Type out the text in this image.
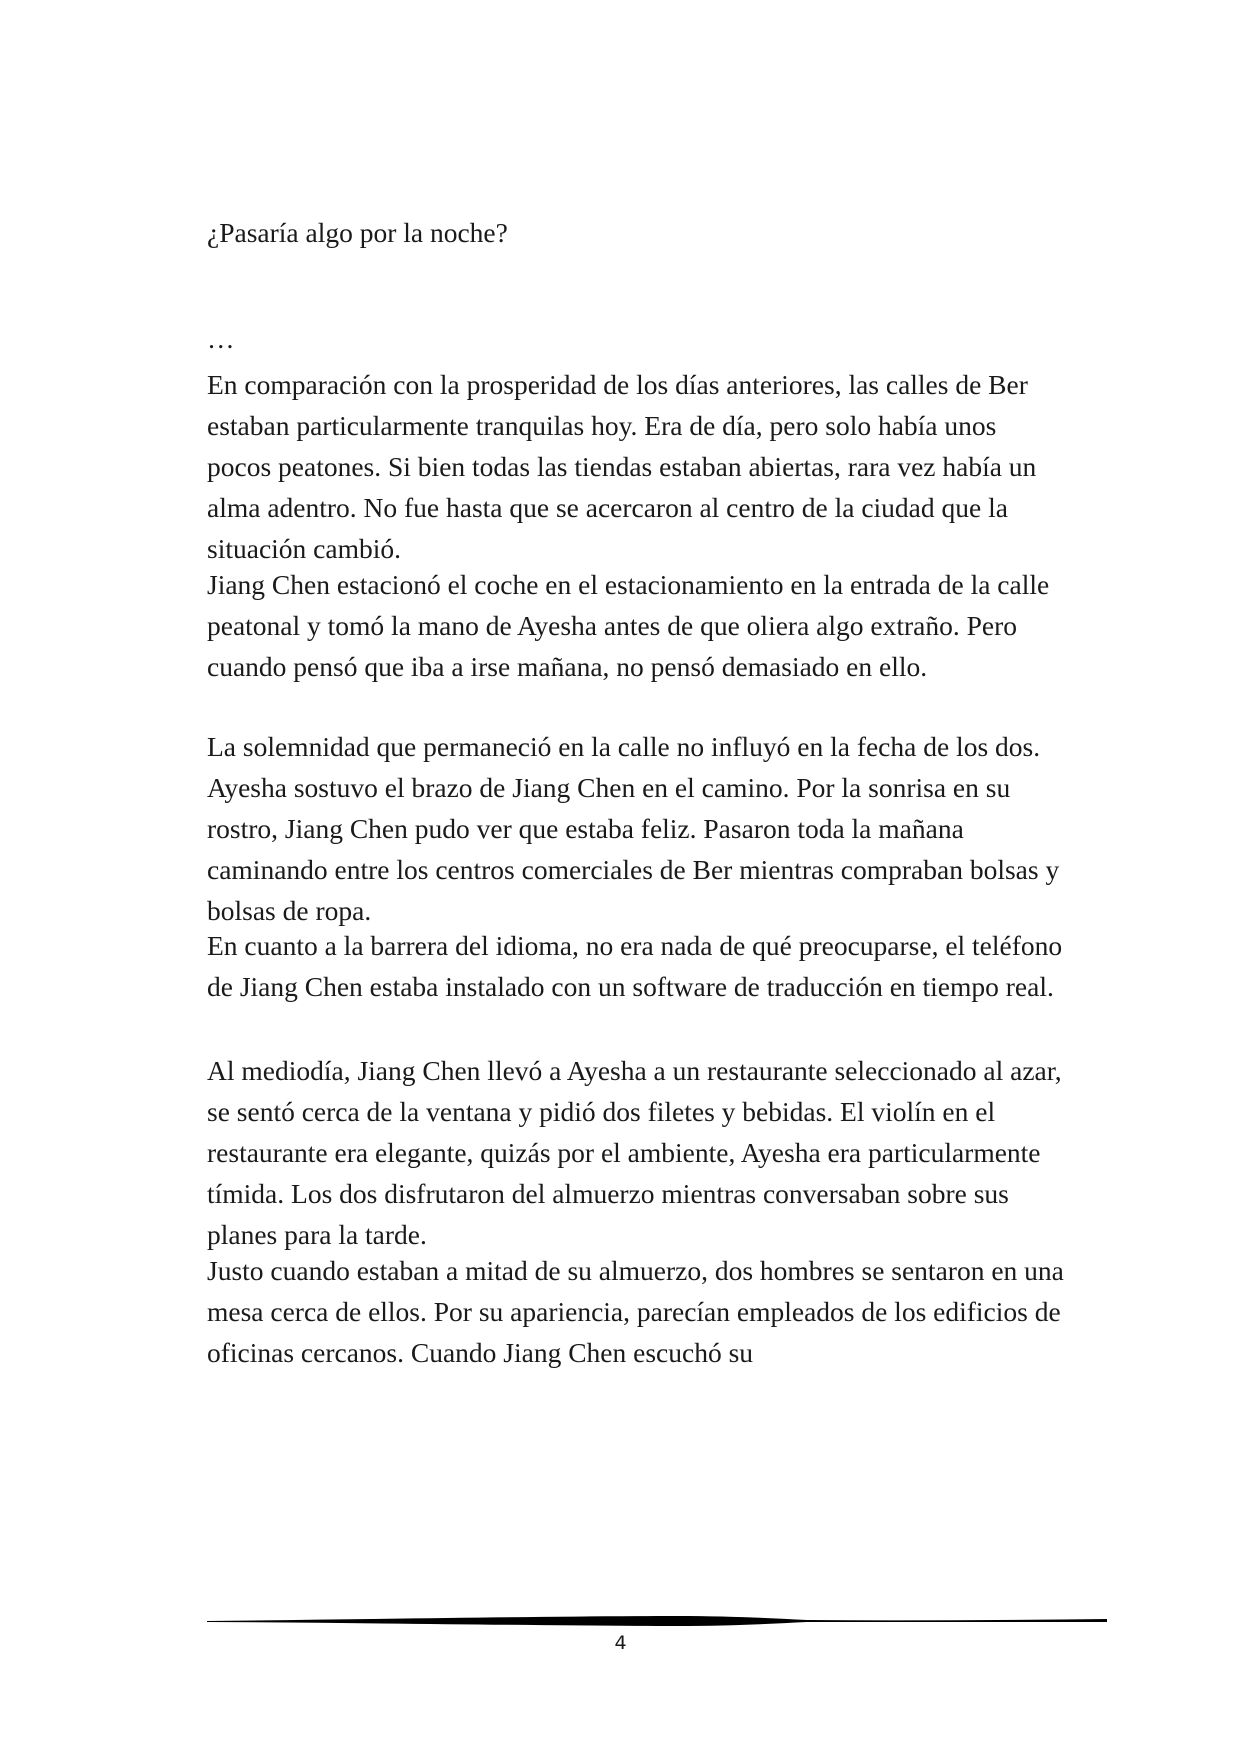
¿Pasaría algo por la noche?

…

En comparación con la prosperidad de los días anteriores, las calles de Ber estaban particularmente tranquilas hoy. Era de día, pero solo había unos pocos peatones. Si bien todas las tiendas estaban abiertas, rara vez había un alma adentro. No fue hasta que se acercaron al centro de la ciudad que la situación cambió.

Jiang Chen estacionó el coche en el estacionamiento en la entrada de la calle peatonal y tomó la mano de Ayesha antes de que oliera algo extraño. Pero cuando pensó que iba a irse mañana, no pensó demasiado en ello.

La solemnidad que permaneció en la calle no influyó en la fecha de los dos. Ayesha sostuvo el brazo de Jiang Chen en el camino. Por la sonrisa en su rostro, Jiang Chen pudo ver que estaba feliz. Pasaron toda la mañana caminando entre los centros comerciales de Ber mientras compraban bolsas y bolsas de ropa.

En cuanto a la barrera del idioma, no era nada de qué preocuparse, el teléfono de Jiang Chen estaba instalado con un software de traducción en tiempo real.

Al mediodía, Jiang Chen llevó a Ayesha a un restaurante seleccionado al azar, se sentó cerca de la ventana y pidió dos filetes y bebidas. El violín en el restaurante era elegante, quizás por el ambiente, Ayesha era particularmente tímida. Los dos disfrutaron del almuerzo mientras conversaban sobre sus planes para la tarde.

Justo cuando estaban a mitad de su almuerzo, dos hombres se sentaron en una mesa cerca de ellos. Por su apariencia, parecían empleados de los edificios de oficinas cercanos. Cuando Jiang Chen escuchó su

4
